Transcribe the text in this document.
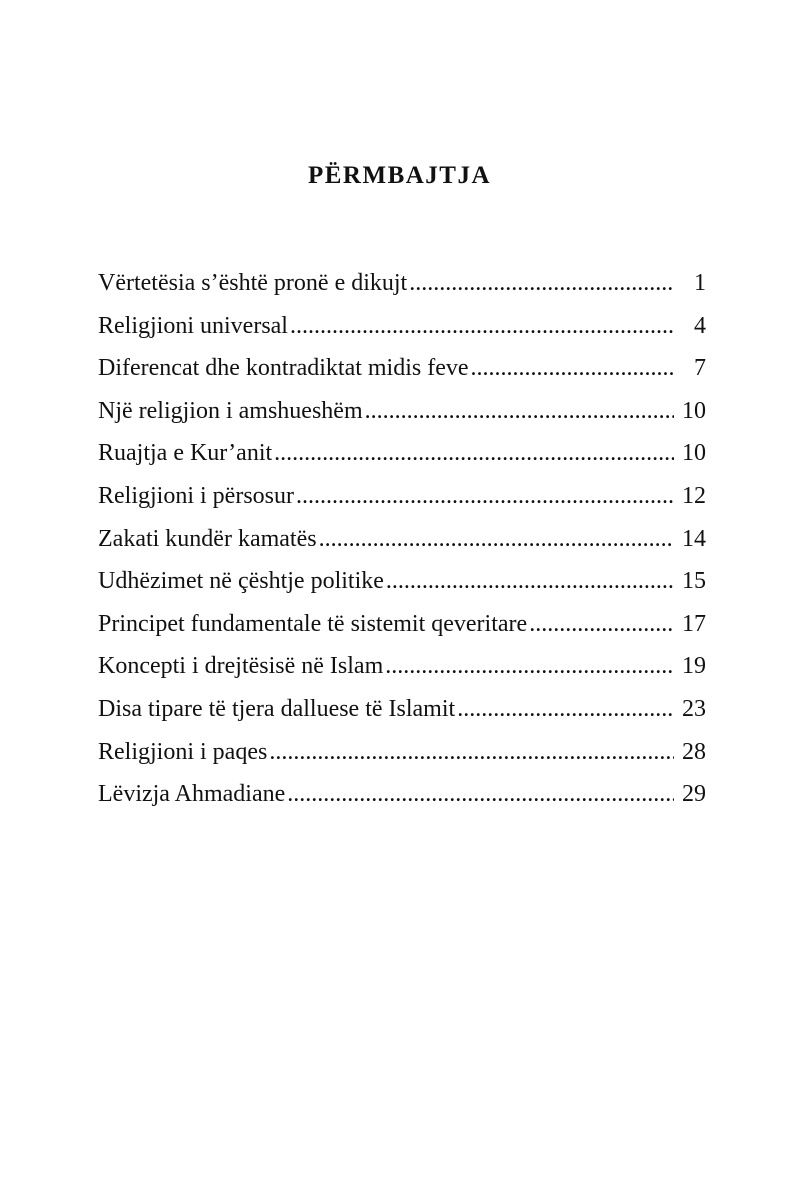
PËRMBAJTJA
Vërtetësia s’është pronë e dikujt .....	1
Religjioni universal .....	4
Diferencat dhe kontradiktat midis feve .....	7
Një religjion i amshueshëm .....	10
Ruajtja e Kur’anit .....	10
Religjioni i përsosur .....	12
Zakati kundër kamatës .....	14
Udhëzimet në çështje politike .....	15
Principet fundamentale të sistemit qeveritare .....	17
Koncepti i drejtësisë në Islam .....	19
Disa tipare të tjera dalluese të Islamit .....	23
Religjioni i paqes .....	28
Lëvizja Ahmadiane .....	29
